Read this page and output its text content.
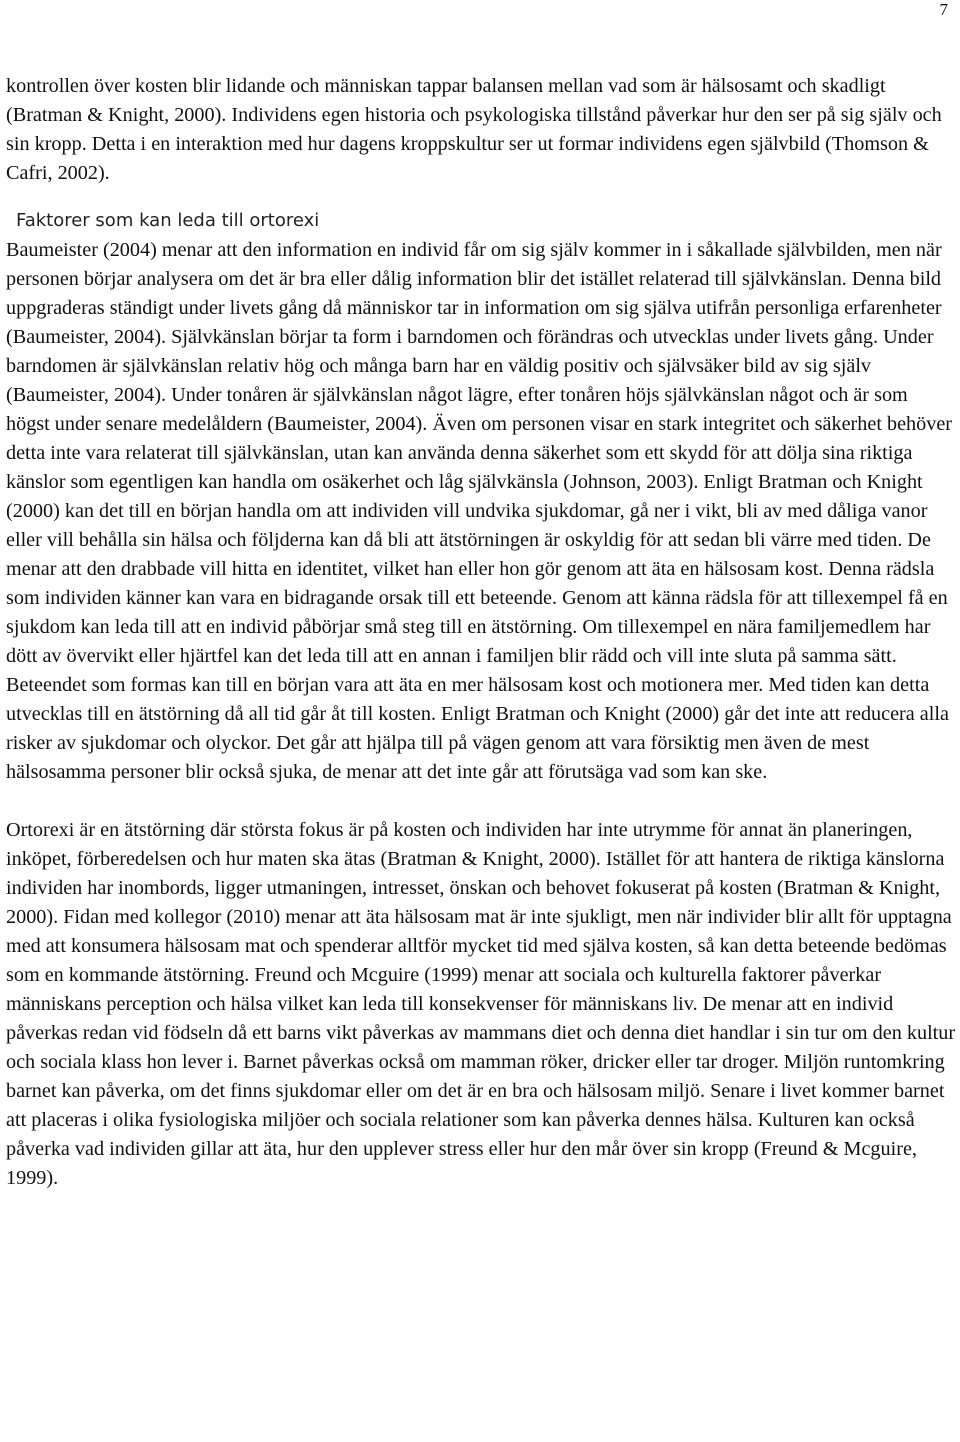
7

kontrollen över kosten blir lidande och människan tappar balansen mellan vad som är hälsosamt och skadligt (Bratman & Knight, 2000). Individens egen historia och psykologiska tillstånd påverkar hur den ser på sig själv och sin kropp. Detta i en interaktion med hur dagens kroppskultur ser ut formar individens egen självbild (Thomson & Cafri, 2002).

Faktorer som kan leda till ortorexi

Baumeister (2004) menar att den information en individ får om sig själv kommer in i såkallade självbilden, men när personen börjar analysera om det är bra eller dålig information blir det istället relaterad till självkänslan. Denna bild uppgraderas ständigt under livets gång då människor tar in information om sig själva utifrån personliga erfarenheter (Baumeister, 2004). Självkänslan börjar ta form i barndomen och förändras och utvecklas under livets gång. Under barndomen är självkänslan relativ hög och många barn har en väldig positiv och självsäker bild av sig själv (Baumeister, 2004). Under tonåren är självkänslan något lägre, efter tonåren höjs självkänslan något och är som högst under senare medelåldern (Baumeister, 2004). Även om personen visar en stark integritet och säkerhet behöver detta inte vara relaterat till självkänslan, utan kan använda denna säkerhet som ett skydd för att dölja sina riktiga känslor som egentligen kan handla om osäkerhet och låg självkänsla (Johnson, 2003). Enligt Bratman och Knight (2000) kan det till en början handla om att individen vill undvika sjukdomar, gå ner i vikt, bli av med dåliga vanor eller vill behålla sin hälsa och följderna kan då bli att ätstörningen är oskyldig för att sedan bli värre med tiden. De menar att den drabbade vill hitta en identitet, vilket han eller hon gör genom att äta en hälsosam kost. Denna rädsla som individen känner kan vara en bidragande orsak till ett beteende. Genom att känna rädsla för att tillexempel få en sjukdom kan leda till att en individ påbörjar små steg till en ätstörning. Om tillexempel en nära familjemedlem har dött av övervikt eller hjärtfel kan det leda till att en annan i familjen blir rädd och vill inte sluta på samma sätt. Beteendet som formas kan till en början vara att äta en mer hälsosam kost och motionera mer. Med tiden kan detta utvecklas till en ätstörning då all tid går åt till kosten. Enligt Bratman och Knight (2000) går det inte att reducera alla risker av sjukdomar och olyckor. Det går att hjälpa till på vägen genom att vara försiktig men även de mest hälsosamma personer blir också sjuka, de menar att det inte går att förutsäga vad som kan ske.

Ortorexi är en ätstörning där största fokus är på kosten och individen har inte utrymme för annat än planeringen, inköpet, förberedelsen och hur maten ska ätas (Bratman & Knight, 2000). Istället för att hantera de riktiga känslorna individen har inombords, ligger utmaningen, intresset, önskan och behovet fokuserat på kosten (Bratman & Knight, 2000). Fidan med kollegor (2010) menar att äta hälsosam mat är inte sjukligt, men när individer blir allt för upptagna med att konsumera hälsosam mat och spenderar alltför mycket tid med själva kosten, så kan detta beteende bedömas som en kommande ätstörning. Freund och Mcguire (1999) menar att sociala och kulturella faktorer påverkar människans perception och hälsa vilket kan leda till konsekvenser för människans liv. De menar att en individ påverkas redan vid födseln då ett barns vikt påverkas av mammans diet och denna diet handlar i sin tur om den kultur och sociala klass hon lever i. Barnet påverkas också om mamman röker, dricker eller tar droger. Miljön runtomkring barnet kan påverka, om det finns sjukdomar eller om det är en bra och hälsosam miljö. Senare i livet kommer barnet att placeras i olika fysiologiska miljöer och sociala relationer som kan påverka dennes hälsa. Kulturen kan också påverka vad individen gillar att äta, hur den upplever stress eller hur den mår över sin kropp (Freund & Mcguire, 1999).
